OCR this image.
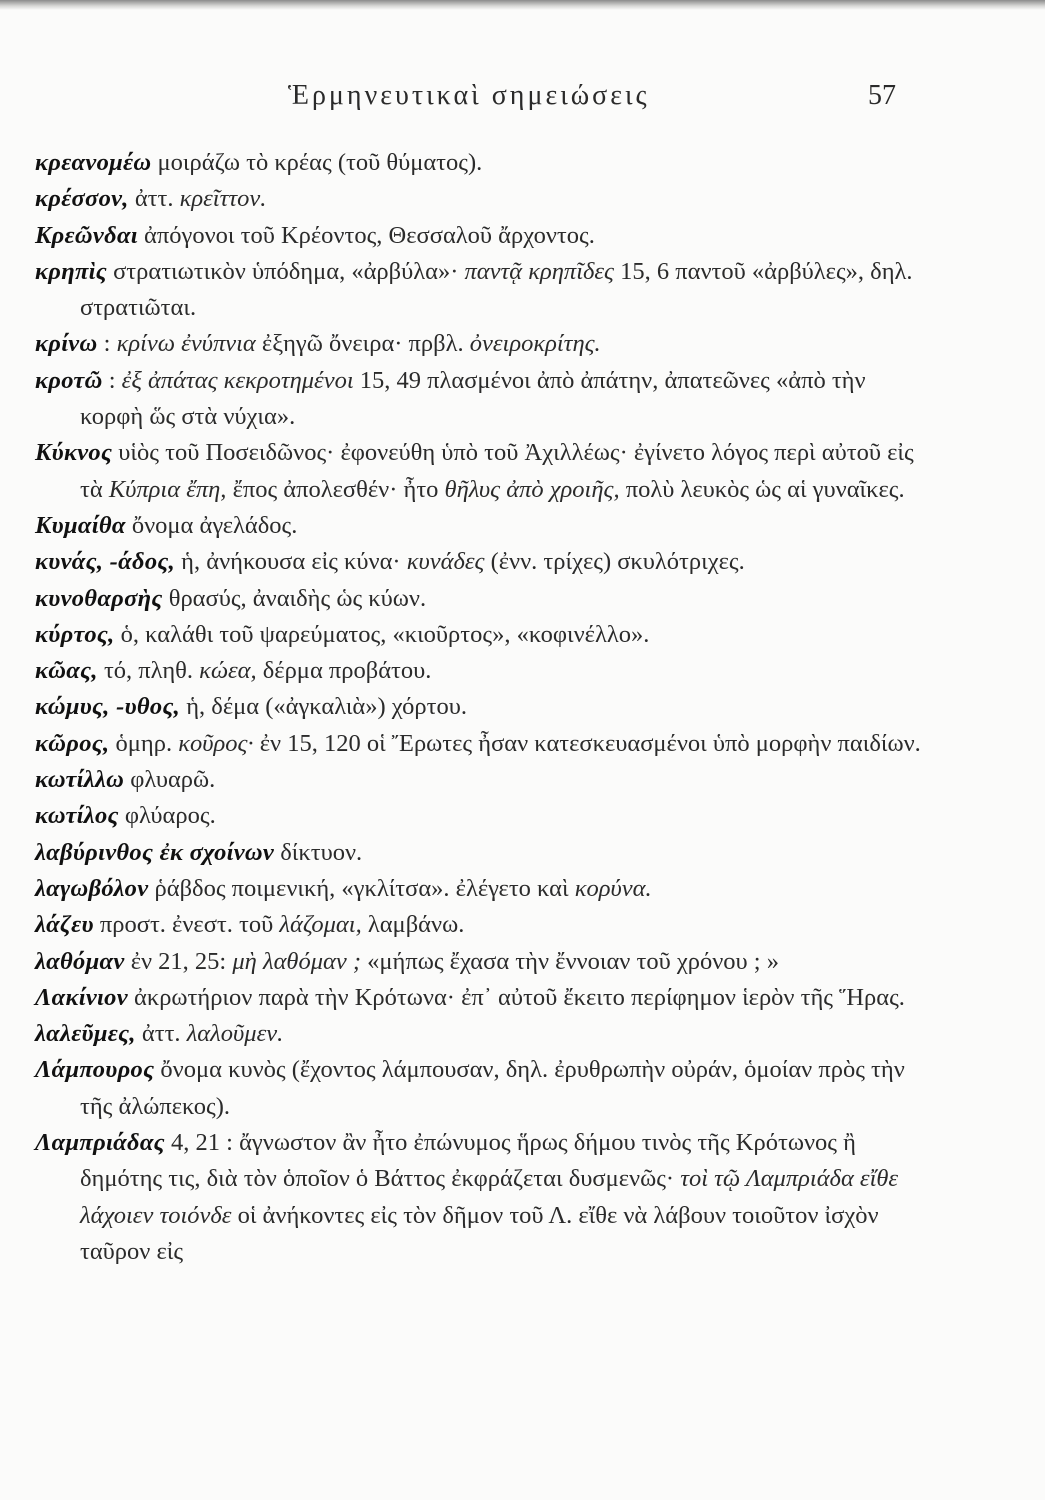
Ἑρμηνευτικαὶ σημειώσεις	57

κρεανομέω μοιράζω τὸ κρέας (τοῦ θύματος).

κρέσσον, ἀττ. κρεῖττον.

Κρεῶνδαι ἀπόγονοι τοῦ Κρέοντος, Θεσσαλοῦ ἄρχοντος.

κρηπὶς στρατιωτικὸν ὑπόδημα, «ἀρβύλα»· παντᾷ κρηπῖδες 15, 6 παντοῦ «ἀρβύλες», δηλ. στρατιῶται.

κρίνω : κρίνω ἐνύπνια ἐξηγῶ ὄνειρα· πρβλ. ὀνειροκρίτης.

κροτῶ : ἐξ ἀπάτας κεκροτημένοι 15, 49 πλασμένοι ἀπὸ ἀπάτην, ἀπατεῶνες «ἀπὸ τὴν κορφὴ ὥς στὰ νύχια».

Κύκνος υἱὸς τοῦ Ποσειδῶνος· ἐφονεύθη ὑπὸ τοῦ Ἀχιλλέως· ἐγίνετο λόγος περὶ αὐτοῦ εἰς τὰ Κύπρια ἔπη, ἔπος ἀπολεσθέν· ἦτο θῆλυς ἀπὸ χροιῆς, πολὺ λευκὸς ὡς αἱ γυναῖκες.

Κυμαίθα ὄνομα ἀγελάδος.

κυνάς, -άδος, ἡ, ἀνήκουσα εἰς κύνα· κυνάδες (ἐνν. τρίχες) σκυλότριχες.

κυνοθαρσὴς θρασύς, ἀναιδὴς ὡς κύων.

κύρτος, ὁ, καλάθι τοῦ ψαρεύματος, «κιοῦρτος», «κοφινέλλο».

κῶας, τό, πληθ. κώεα, δέρμα προβάτου.

κώμυς, -υθος, ἡ, δέμα («ἀγκαλιὰ») χόρτου.

κῶρος, ὁμηρ. κοῦρος· ἐν 15, 120 οἱ Ἔρωτες ἦσαν κατεσκευασμένοι ὑπὸ μορφὴν παιδίων.

κωτίλλω φλυαρῶ.

κωτίλος φλύαρος.

λαβύρινθος ἐκ σχοίνων δίκτυον.

λαγωβόλον ῥάβδος ποιμενική, «γκλίτσα». ἐλέγετο καὶ κορύνα.

λάζευ προστ. ἐνεστ. τοῦ λάζομαι, λαμβάνω.

λαθόμαν ἐν 21, 25: μὴ λαθόμαν ; «μήπως ἔχασα τὴν ἔννοιαν τοῦ χρόνου ; »

Λακίνιον ἀκρωτήριον παρὰ τὴν Κρότωνα· ἐπ᾽ αὐτοῦ ἔκειτο περίφημον ἱερὸν τῆς Ἥρας.

λαλεῦμες, ἀττ. λαλοῦμεν.

Λάμπουρος ὄνομα κυνὸς (ἔχοντος λάμπουσαν, δηλ. ἐρυθρωπὴν οὐράν, ὁμοίαν πρὸς τὴν τῆς ἀλώπεκος).

Λαμπριάδας 4, 21 : ἄγνωστον ἂν ἦτο ἐπώνυμος ἥρως δήμου τινὸς τῆς Κρότωνος ἢ δημότης τις, διὰ τὸν ὁποῖον ὁ Βάττος ἐκφράζεται δυσμενῶς· τοὶ τῷ Λαμπριάδα εἴθε λάχοιεν τοιόνδε οἱ ἀνήκοντες εἰς τὸν δῆμον τοῦ Λ. εἴθε νὰ λάβουν τοιοῦτον ἰσχὸν ταῦρον εἰς
